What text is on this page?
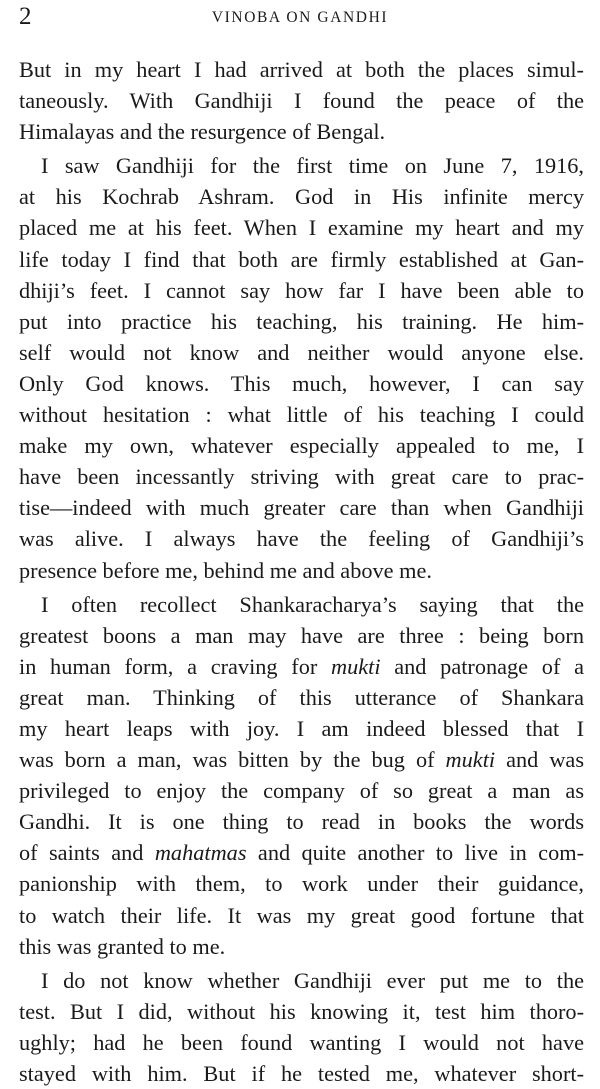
2	VINOBA ON GANDHI
But in my heart I had arrived at both the places simul-
taneously. With Gandhiji I found the peace of the
Himalayas and the resurgence of Bengal.
I saw Gandhiji for the first time on June 7, 1916,
at his Kochrab Ashram. God in His infinite mercy
placed me at his feet. When I examine my heart and my
life today I find that both are firmly established at Gan-
dhiji’s feet. I cannot say how far I have been able to
put into practice his teaching, his training. He him-
self would not know and neither would anyone else.
Only God knows. This much, however, I can say
without hesitation : what little of his teaching I could
make my own, whatever especially appealed to me, I
have been incessantly striving with great care to prac-
tise—indeed with much greater care than when Gandhiji
was alive. I always have the feeling of Gandhiji’s
presence before me, behind me and above me.
I often recollect Shankaracharya’s saying that the
greatest boons a man may have are three : being born
in human form, a craving for mukti and patronage of a
great man. Thinking of this utterance of Shankara
my heart leaps with joy. I am indeed blessed that I
was born a man, was bitten by the bug of mukti and was
privileged to enjoy the company of so great a man as
Gandhi. It is one thing to read in books the words
of saints and mahatmas and quite another to live in com-
panionship with them, to work under their guidance,
to watch their life. It was my great good fortune that
this was granted to me.
I do not know whether Gandhiji ever put me to the
test. But I did, without his knowing it, test him thoro-
ughly; had he been found wanting I would not have
stayed with him. But if he tested me, whatever short-
